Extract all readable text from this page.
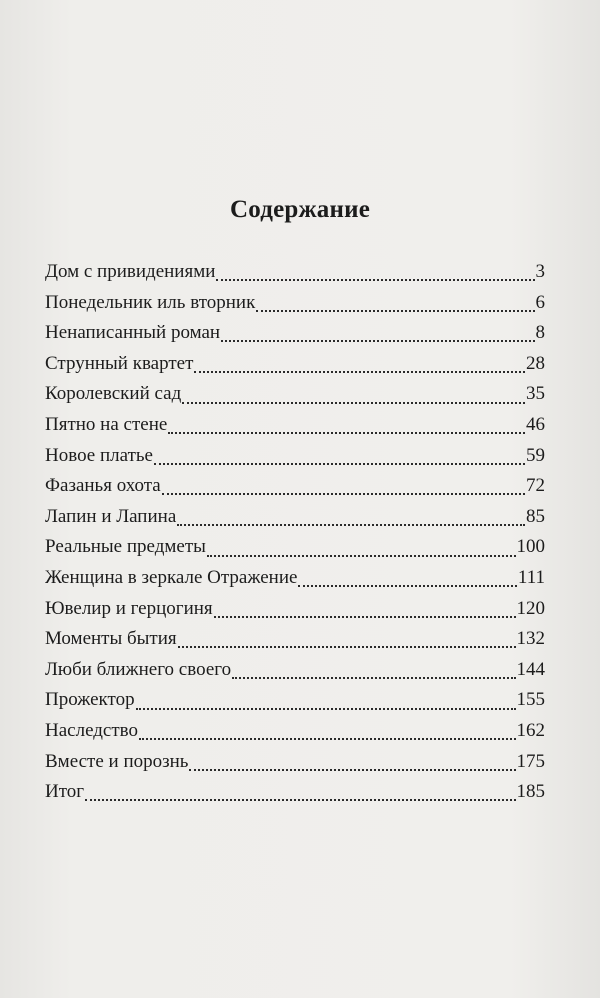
Содержание
Дом с привидениями	3
Понедельник иль вторник	6
Ненаписанный роман	8
Струнный квартет	28
Королевский сад	35
Пятно на стене	46
Новое платье	59
Фазанья охота	72
Лапин и Лапина	85
Реальные предметы	100
Женщина в зеркале Отражение	111
Ювелир и герцогиня	120
Моменты бытия	132
Люби ближнего своего	144
Прожектор	155
Наследство	162
Вместе и порознь	175
Итог	185
